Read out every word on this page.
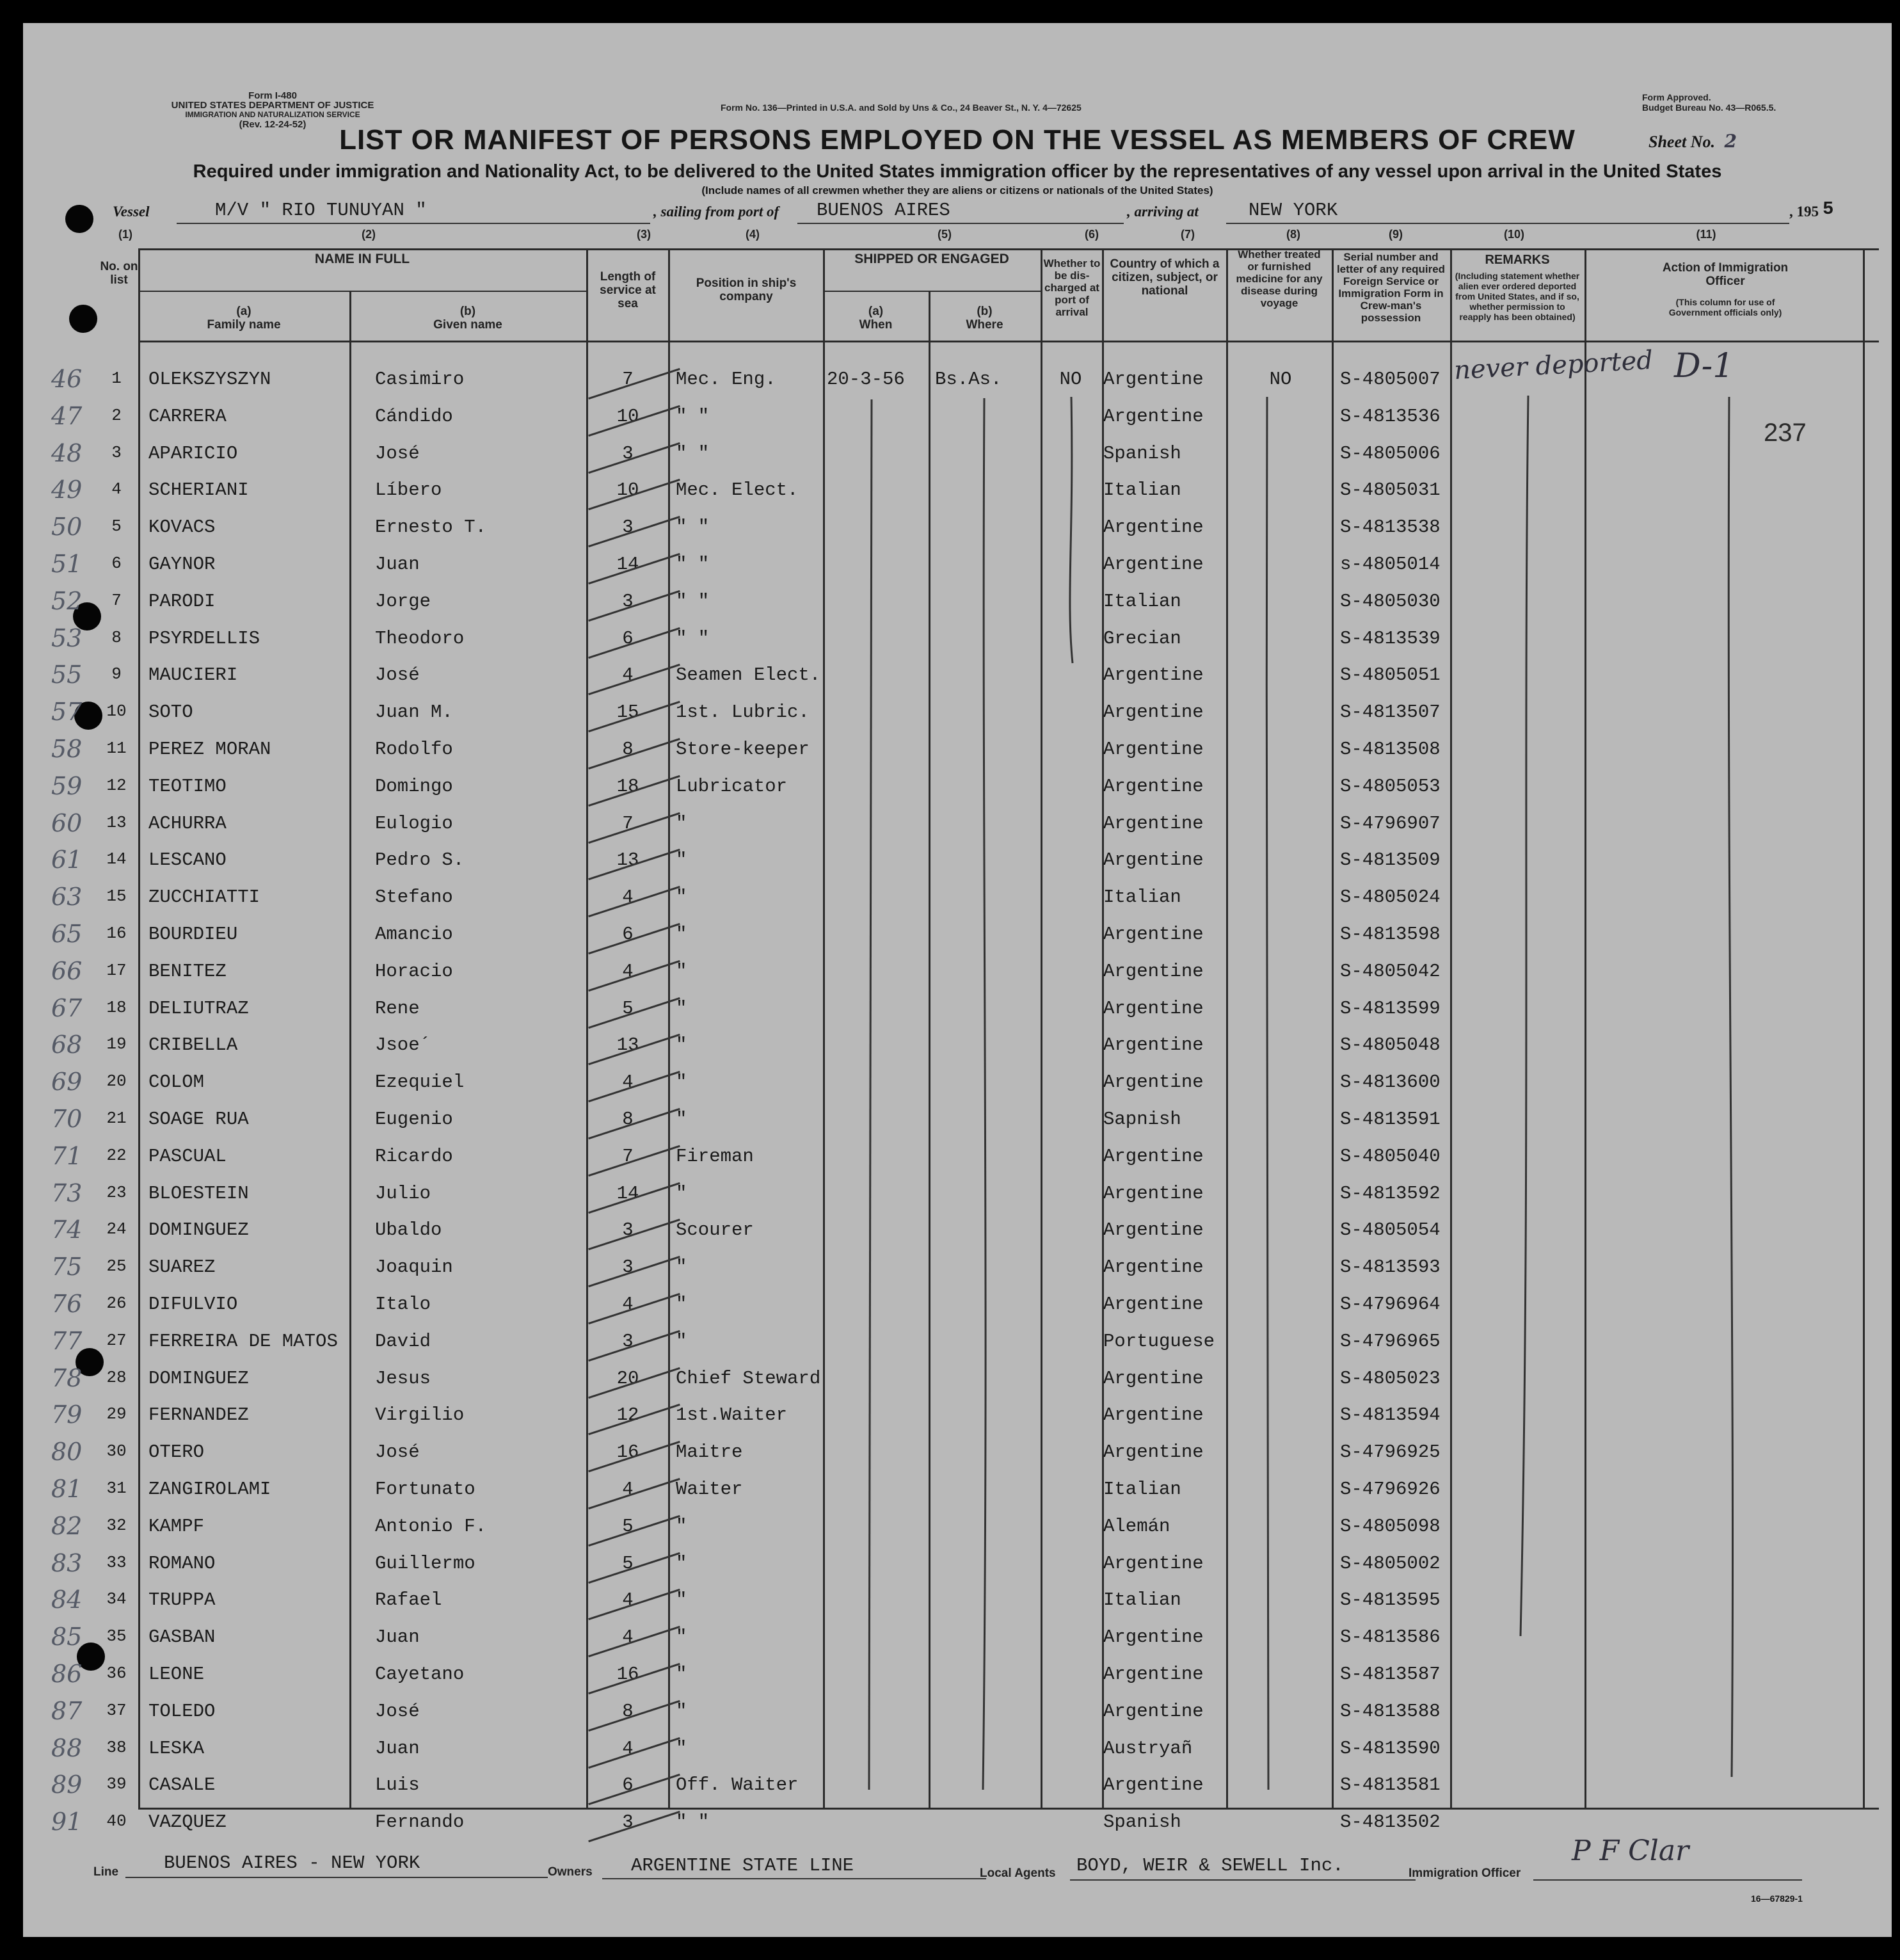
Form I-480
UNITED STATES DEPARTMENT OF JUSTICE
IMMIGRATION AND NATURALIZATION SERVICE
(Rev. 12-24-52)
Form No. 136—Printed in U.S.A. and Sold by Uns & Co., 24 Beaver St., N. Y. 4—72625
Form Approved.
Budget Bureau No. 43—R065.5.
LIST OR MANIFEST OF PERSONS EMPLOYED ON THE VESSEL AS MEMBERS OF CREW	Sheet No. 2
Required under immigration and Nationality Act, to be delivered to the United States immigration officer by the representatives of any vessel upon arrival in the United States
(Include names of all crewmen whether they are aliens or citizens or nationals of the United States)
Vessel	M/V " RIO TUNUYAN "	, sailing from port of BUENOS AIRES	, arriving at	NEW YORK	, 195 5
(1)	(2)	(3)	(4)	(5)	(6)	(7)	(8)	(9)	(10)	(11)
No. on list
NAME IN FULL
(a)
Family name
(b)
Given name
Length of service at sea
Position in ship's company
SHIPPED OR ENGAGED
(a)
When
(b)
Where
Whether to be dis-charged at port of arrival
Country of which a citizen, subject, or national
Whether treated or furnished medicine for any disease during voyage
Serial number and letter of any required Foreign Service or Immigration Form in Crew-man's possession
REMARKS
(Including statement whether alien ever ordered deported from United States, and if so, whether permission to reapply has been obtained)
Action of Immigration Officer
(This column for use of Government officials only)
46	1	OLEKSZYSZYN	Casimiro	7	Mec. Eng.	20-3-56	Bs.As.	NO	Argentine	NO	S-4805007
47	2	CARRERA	Cándido	10	" "	Argentine	S-4813536
48	3	APARICIO	José	3	" "	Spanish	S-4805006
49	4	SCHERIANI	Líbero	10	Mec. Elect.	Italian	S-4805031
50	5	KOVACS	Ernesto T.	3	" "	Argentine	S-4813538
51	6	GAYNOR	Juan	14	" "	Argentine	s-4805014
52	7	PARODI	Jorge	3	" "	Italian	S-4805030
53	8	PSYRDELLIS	Theodoro	6	" "	Grecian	S-4813539
55	9	MAUCIERI	José	4	Seamen Elect.	Argentine	S-4805051
57	10	SOTO	Juan M.	15	1st. Lubric.	Argentine	S-4813507
58	11	PEREZ MORAN	Rodolfo	8	Store-keeper	Argentine	S-4813508
59	12	TEOTIMO	Domingo	18	Lubricator	Argentine	S-4805053
60	13	ACHURRA	Eulogio	7	"	Argentine	S-4796907
61	14	LESCANO	Pedro S.	13	"	Argentine	S-4813509
63	15	ZUCCHIATTI	Stefano	4	"	Italian	S-4805024
65	16	BOURDIEU	Amancio	6	"	Argentine	S-4813598
66	17	BENITEZ	Horacio	4	"	Argentine	S-4805042
67	18	DELIUTRAZ	Rene	5	"	Argentine	S-4813599
68	19	CRIBELLA	Jsoe´	13	"	Argentine	S-4805048
69	20	COLOM	Ezequiel	4	"	Argentine	S-4813600
70	21	SOAGE RUA	Eugenio	8	"	Sapnish	S-4813591
71	22	PASCUAL	Ricardo	7	Fireman	Argentine	S-4805040
73	23	BLOESTEIN	Julio	14	"	Argentine	S-4813592
74	24	DOMINGUEZ	Ubaldo	3	Scourer	Argentine	S-4805054
75	25	SUAREZ	Joaquin	3	"	Argentine	S-4813593
76	26	DIFULVIO	Italo	4	"	Argentine	S-4796964
77	27	FERREIRA DE MATOS	David	3	"	Portuguese	S-4796965
78	28	DOMINGUEZ	Jesus	20	Chief Steward	Argentine	S-4805023
79	29	FERNANDEZ	Virgilio	12	1st.Waiter	Argentine	S-4813594
80	30	OTERO	José	16	Maitre	Argentine	S-4796925
81	31	ZANGIROLAMI	Fortunato	4	Waiter	Italian	S-4796926
82	32	KAMPF	Antonio F.	5	"	Alemán	S-4805098
83	33	ROMANO	Guillermo	5	"	Argentine	S-4805002
84	34	TRUPPA	Rafael	4	"	Italian	S-4813595
85	35	GASBAN	Juan	4	"	Argentine	S-4813586
86	36	LEONE	Cayetano	16	"	Argentine	S-4813587
87	37	TOLEDO	José	8	"	Argentine	S-4813588
88	38	LESKA	Juan	4	"	Austryañ	S-4813590
89	39	CASALE	Luis	6	Off. Waiter	Argentine	S-4813581
91	40	VAZQUEZ	Fernando	3	" "	Spanish	S-4813502
never deported D-1
237
Line BUENOS AIRES - NEW YORK	Owners ARGENTINE STATE LINE	Local Agents BOYD, WEIR & SEWELL Inc.	Immigration Officer
P F Clar
16—67829-1
